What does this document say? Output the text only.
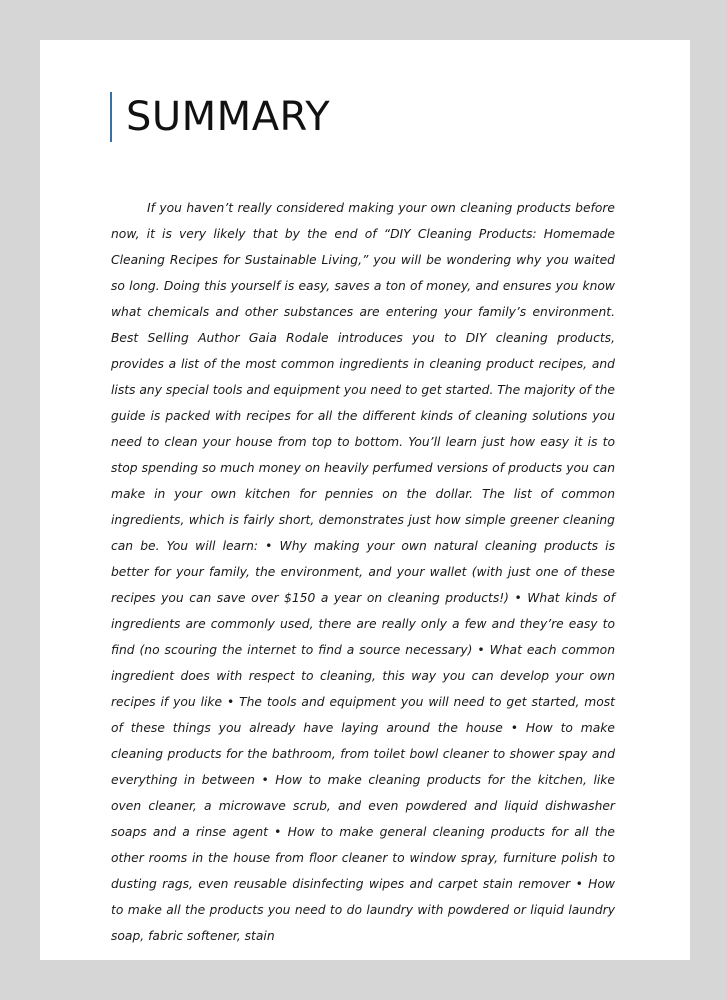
SUMMARY

If you haven’t really considered making your own cleaning products before now, it is very likely that by the end of “DIY Cleaning Products: Homemade Cleaning Recipes for Sustainable Living,” you will be wondering why you waited so long. Doing this yourself is easy, saves a ton of money, and ensures you know what chemicals and other substances are entering your family’s environment. Best Selling Author Gaia Rodale introduces you to DIY cleaning products, provides a list of the most common ingredients in cleaning product recipes, and lists any special tools and equipment you need to get started. The majority of the guide is packed with recipes for all the different kinds of cleaning solutions you need to clean your house from top to bottom. You’ll learn just how easy it is to stop spending so much money on heavily perfumed versions of products you can make in your own kitchen for pennies on the dollar. The list of common ingredients, which is fairly short, demonstrates just how simple greener cleaning can be. You will learn: • Why making your own natural cleaning products is better for your family, the environment, and your wallet (with just one of these recipes you can save over $150 a year on cleaning products!) • What kinds of ingredients are commonly used, there are really only a few and they’re easy to find (no scouring the internet to find a source necessary) • What each common ingredient does with respect to cleaning, this way you can develop your own recipes if you like • The tools and equipment you will need to get started, most of these things you already have laying around the house • How to make cleaning products for the bathroom, from toilet bowl cleaner to shower spay and everything in between • How to make cleaning products for the kitchen, like oven cleaner, a microwave scrub, and even powdered and liquid dishwasher soaps and a rinse agent • How to make general cleaning products for all the other rooms in the house from floor cleaner to window spray, furniture polish to dusting rags, even reusable disinfecting wipes and carpet stain remover • How to make all the products you need to do laundry with powdered or liquid laundry soap, fabric softener, stain
